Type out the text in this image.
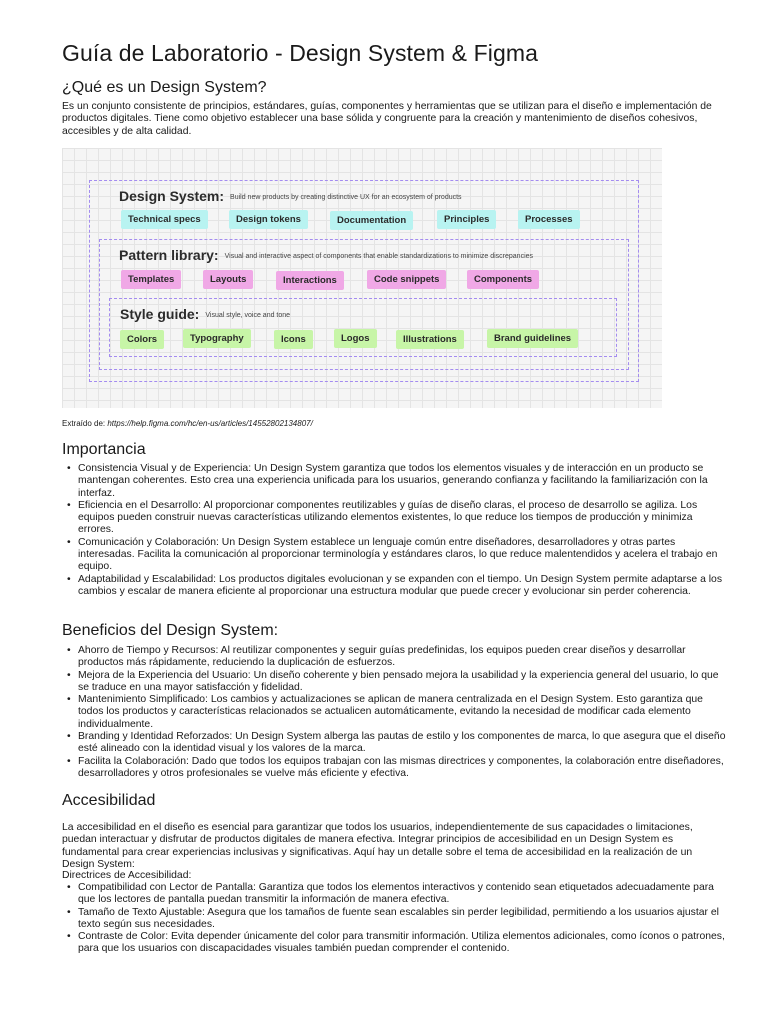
Guía de Laboratorio - Design System & Figma
¿Qué es un Design System?

Es un conjunto consistente de principios, estándares, guías, componentes y herramientas que se utilizan para el diseño e implementación de productos digitales. Tiene como objetivo establecer una base sólida y congruente para la creación y mantenimiento de diseños cohesivos, accesibles y de alta calidad.

Design System: Build new products by creating distinctive UX for an ecosystem of products
Technical specs	Design tokens	Documentation	Principles	Processes
Pattern library: Visual and interactive aspect of components that enable standardizations to minimize discrepancies
Templates	Layouts	Interactions	Code snippets	Components
Style guide: Visual style, voice and tone
Colors	Typography	Icons	Logos	Illustrations	Brand guidelines
Extraído de: https://help.figma.com/hc/en-us/articles/14552802134807/
Importancia
• Consistencia Visual y de Experiencia: Un Design System garantiza que todos los elementos visuales y de interacción en un producto se mantengan coherentes. Esto crea una experiencia unificada para los usuarios, generando confianza y facilitando la familiarización con la interfaz.
• Eficiencia en el Desarrollo: Al proporcionar componentes reutilizables y guías de diseño claras, el proceso de desarrollo se agiliza. Los equipos pueden construir nuevas características utilizando elementos existentes, lo que reduce los tiempos de producción y minimiza errores.
• Comunicación y Colaboración: Un Design System establece un lenguaje común entre diseñadores, desarrolladores y otras partes interesadas. Facilita la comunicación al proporcionar terminología y estándares claros, lo que reduce malentendidos y acelera el trabajo en equipo.
• Adaptabilidad y Escalabilidad: Los productos digitales evolucionan y se expanden con el tiempo. Un Design System permite adaptarse a los cambios y escalar de manera eficiente al proporcionar una estructura modular que puede crecer y evolucionar sin perder coherencia.
Beneficios del Design System:
• Ahorro de Tiempo y Recursos: Al reutilizar componentes y seguir guías predefinidas, los equipos pueden crear diseños y desarrollar productos más rápidamente, reduciendo la duplicación de esfuerzos.
• Mejora de la Experiencia del Usuario: Un diseño coherente y bien pensado mejora la usabilidad y la experiencia general del usuario, lo que se traduce en una mayor satisfacción y fidelidad.
• Mantenimiento Simplificado: Los cambios y actualizaciones se aplican de manera centralizada en el Design System. Esto garantiza que todos los productos y características relacionados se actualicen automáticamente, evitando la necesidad de modificar cada elemento individualmente.
• Branding y Identidad Reforzados: Un Design System alberga las pautas de estilo y los componentes de marca, lo que asegura que el diseño esté alineado con la identidad visual y los valores de la marca.
• Facilita la Colaboración: Dado que todos los equipos trabajan con las mismas directrices y componentes, la colaboración entre diseñadores, desarrolladores y otros profesionales se vuelve más eficiente y efectiva.
Accesibilidad

La accesibilidad en el diseño es esencial para garantizar que todos los usuarios, independientemente de sus capacidades o limitaciones, puedan interactuar y disfrutar de productos digitales de manera efectiva. Integrar principios de accesibilidad en un Design System es fundamental para crear experiencias inclusivas y significativas. Aquí hay un detalle sobre el tema de accesibilidad en la realización de un Design System:

Directrices de Accesibilidad:

• Compatibilidad con Lector de Pantalla: Garantiza que todos los elementos interactivos y contenido sean etiquetados adecuadamente para que los lectores de pantalla puedan transmitir la información de manera efectiva.
• Tamaño de Texto Ajustable: Asegura que los tamaños de fuente sean escalables sin perder legibilidad, permitiendo a los usuarios ajustar el texto según sus necesidades.
• Contraste de Color: Evita depender únicamente del color para transmitir información. Utiliza elementos adicionales, como íconos o patrones, para que los usuarios con discapacidades visuales también puedan comprender el contenido.
